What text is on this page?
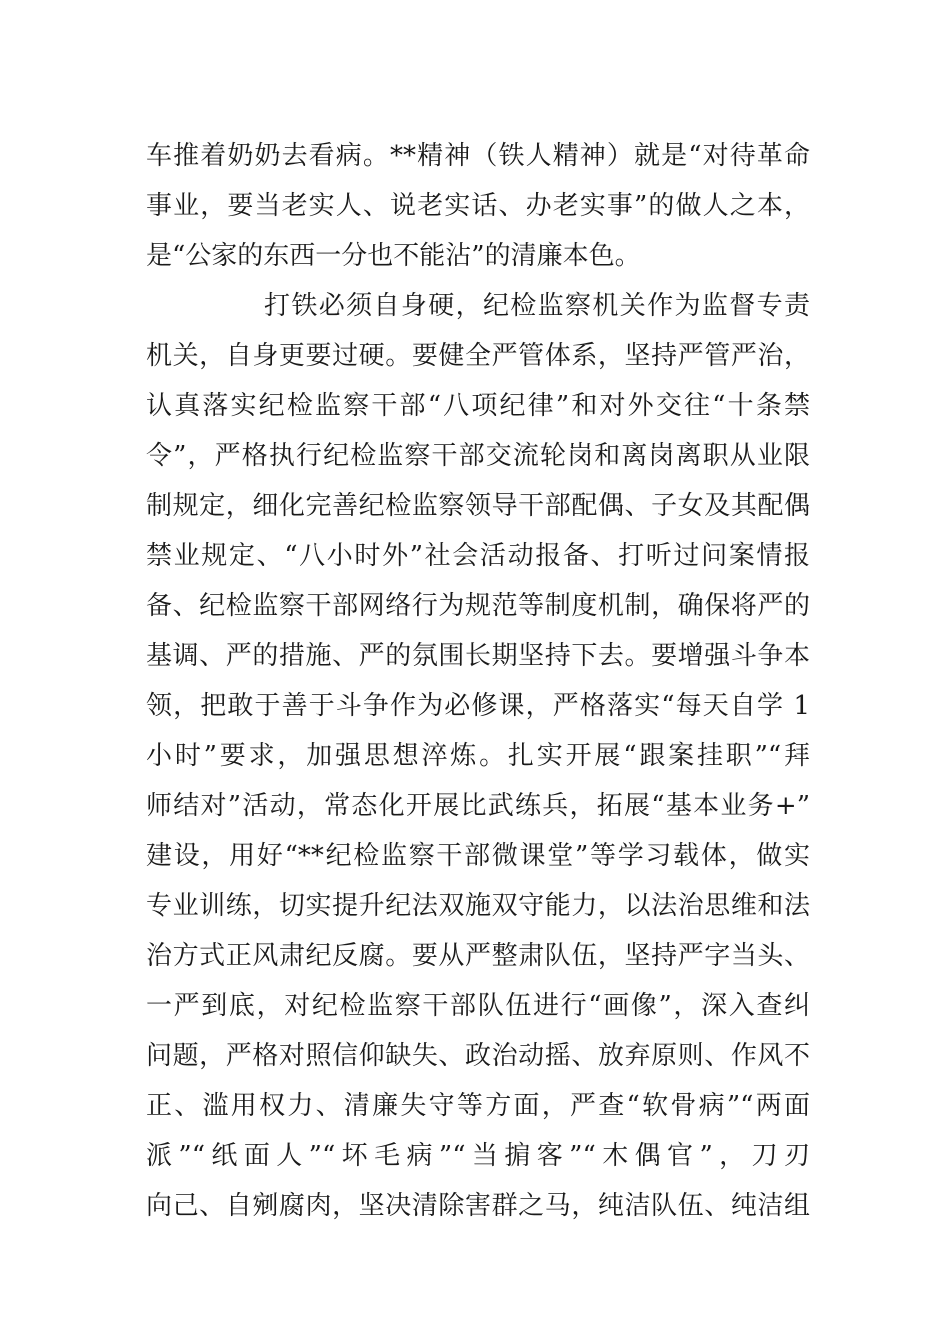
车推着奶奶去看病。**精神（铁人精神）就是“对待革命
事业，要当老实人、说老实话、办老实事”的做人之本，
是“公家的东西一分也不能沾”的清廉本色。
打铁必须自身硬，纪检监察机关作为监督专责
机关，自身更要过硬。要健全严管体系，坚持严管严治，
认真落实纪检监察干部“八项纪律”和对外交往“十条禁
令”，严格执行纪检监察干部交流轮岗和离岗离职从业限
制规定，细化完善纪检监察领导干部配偶、子女及其配偶
禁业规定、“八小时外”社会活动报备、打听过问案情报
备、纪检监察干部网络行为规范等制度机制，确保将严的
基调、严的措施、严的氛围长期坚持下去。要增强斗争本
领，把敢于善于斗争作为必修课，严格落实“每天自学 1
小时”要求，加强思想淬炼。扎实开展“跟案挂职”“拜
师结对”活动，常态化开展比武练兵，拓展“基本业务+”
建设，用好“**纪检监察干部微课堂”等学习载体，做实
专业训练，切实提升纪法双施双守能力，以法治思维和法
治方式正风肃纪反腐。要从严整肃队伍，坚持严字当头、
一严到底，对纪检监察干部队伍进行“画像”，深入查纠
问题，严格对照信仰缺失、政治动摇、放弃原则、作风不
正、滥用权力、清廉失守等方面，严查“软骨病”“两面
派”“纸面人”“坏毛病”“当掮客”“木偶官”，刀刃
向己、自剜腐肉，坚决清除害群之马，纯洁队伍、纯洁组
